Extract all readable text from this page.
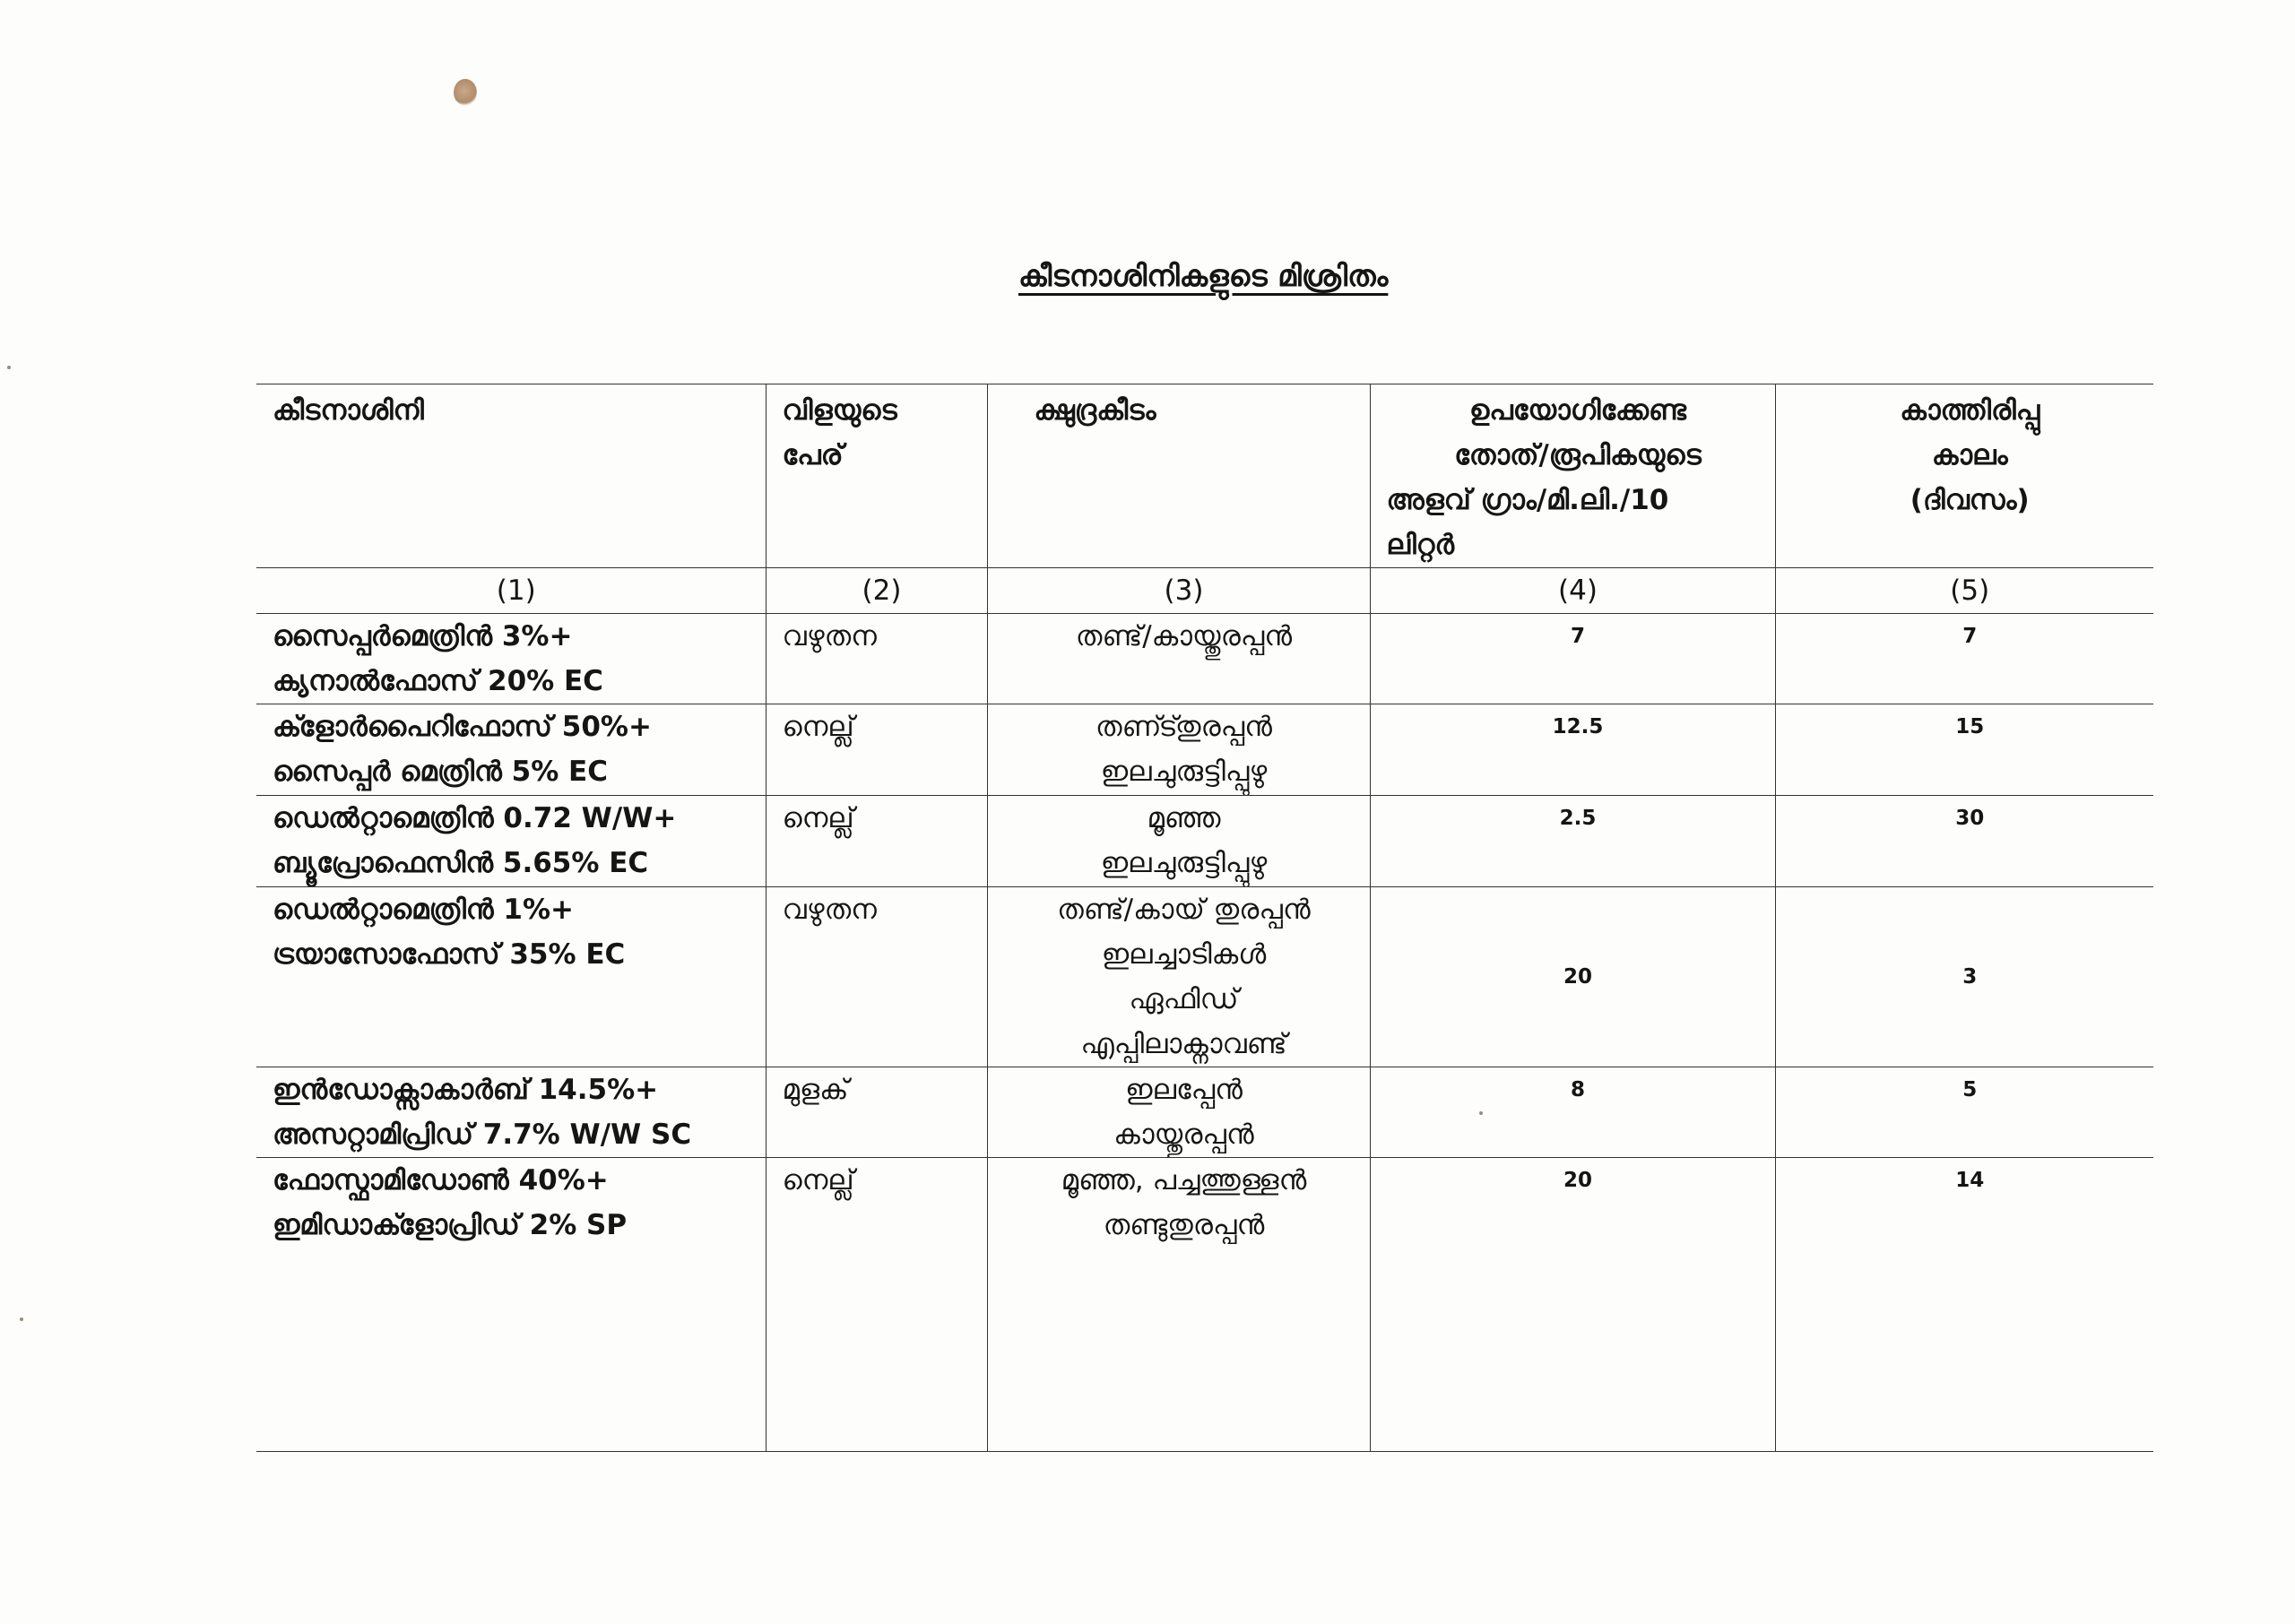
കീടനാശിനികളുടെ മിശ്രിതം
കീടനാശിനി	വിളയുടെ
പേര്	ക്ഷുദ്രകീടം	ഉപയോഗിക്കേണ്ട
തോത്/രൂപികയുടെ
അളവ് ഗ്രാം/മി.ലി./10
ലിറ്റർ	കാത്തിരിപ്പു
കാലം
(ദിവസം)

(1)	(2)	(3)	(4)	(5)

സൈപ്പർമെത്രിൻ 3%+
ക്യനാൽഫോസ് 20% EC	വഴുതന	തണ്ട്/കായ്തുരപ്പൻ	7	7

ക്ളോർപൈറിഫോസ് 50%+
സൈപ്പർ മെത്രിൻ 5% EC	നെല്ല്	തണ്ട്തുരപ്പൻ
ഇലചുരുട്ടിപ്പുഴു	12.5	15

ഡെൽറ്റാമെത്രിൻ 0.72 W/W+
ബ്യൂപ്രോഫെസിൻ 5.65% EC	നെല്ല്	മൂഞ്ഞ
ഇലചുരുട്ടിപ്പുഴു	2.5	30

ഡെൽറ്റാമെത്രിൻ 1%+
ട്രയാസോഫോസ് 35% EC	വഴുതന	തണ്ട്/കായ് തുരപ്പൻ
ഇലച്ചാടികൾ
ഏഫിഡ്
എപ്പിലാക്നാവണ്ട്	20	3

ഇൻഡോക്സാകാർബ് 14.5%+
അസറ്റാമിപ്രിഡ് 7.7% W/W SC	മുളക്	ഇലപ്പേൻ
കായ്തുരപ്പൻ	8	5

ഫോസ്ഫാമിഡോൺ 40%+
ഇമിഡാക്ളോപ്രിഡ് 2% SP	നെല്ല്	മൂഞ്ഞ, പച്ചത്തുള്ളൻ
തണ്ടുതുരപ്പൻ	20	14
